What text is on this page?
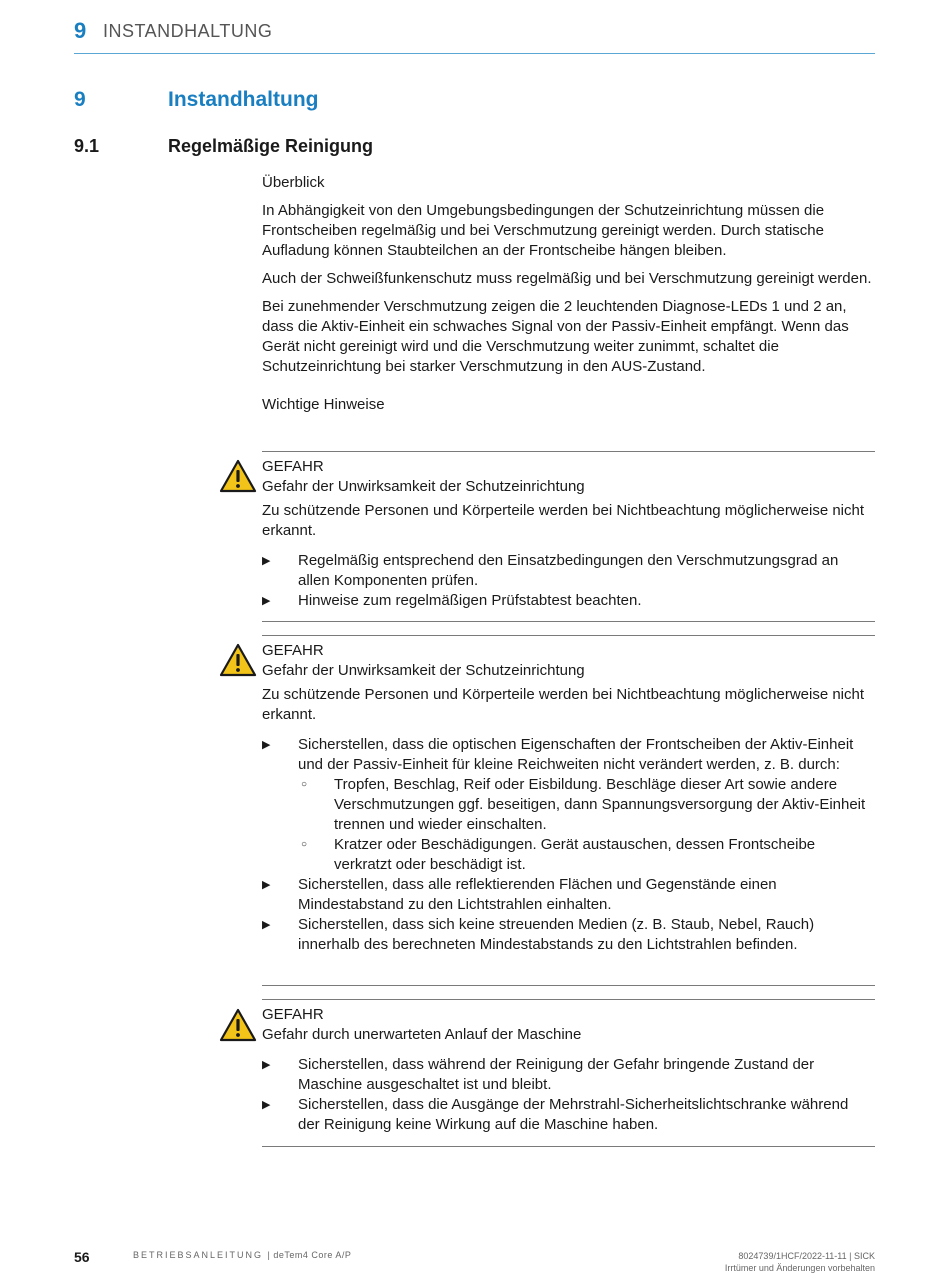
9 INSTANDHALTUNG
9	Instandhaltung
9.1	Regelmäßige Reinigung

Überblick

In Abhängigkeit von den Umgebungsbedingungen der Schutzeinrichtung müssen die Frontscheiben regelmäßig und bei Verschmutzung gereinigt werden. Durch statische Aufladung können Staubteilchen an der Frontscheibe hängen bleiben.

Auch der Schweißfunkenschutz muss regelmäßig und bei Verschmutzung gereinigt werden.

Bei zunehmender Verschmutzung zeigen die 2 leuchtenden Diagnose-LEDs 1 und 2 an, dass die Aktiv-Einheit ein schwaches Signal von der Passiv-Einheit empfängt. Wenn das Gerät nicht gereinigt wird und die Verschmutzung weiter zunimmt, schaltet die Schutzeinrichtung bei starker Verschmutzung in den AUS-Zustand.

Wichtige Hinweise

GEFAHR

Gefahr der Unwirksamkeit der Schutzeinrichtung

Zu schützende Personen und Körperteile werden bei Nichtbeachtung möglicherweise nicht erkannt.

▶ Regelmäßig entsprechend den Einsatzbedingungen den Verschmutzungsgrad an allen Komponenten prüfen.
▶ Hinweise zum regelmäßigen Prüfstabtest beachten.

GEFAHR

Gefahr der Unwirksamkeit der Schutzeinrichtung

Zu schützende Personen und Körperteile werden bei Nichtbeachtung möglicherweise nicht erkannt.

▶ Sicherstellen, dass die optischen Eigenschaften der Frontscheiben der Aktiv-Einheit und der Passiv-Einheit für kleine Reichweiten nicht verändert werden, z. B. durch:
○ Tropfen, Beschlag, Reif oder Eisbildung. Beschläge dieser Art sowie andere Verschmutzungen ggf. beseitigen, dann Spannungsversorgung der Aktiv-Einheit trennen und wieder einschalten.
○ Kratzer oder Beschädigungen. Gerät austauschen, dessen Frontscheibe verkratzt oder beschädigt ist.
▶ Sicherstellen, dass alle reflektierenden Flächen und Gegenstände einen Mindestabstand zu den Lichtstrahlen einhalten.
▶ Sicherstellen, dass sich keine streuenden Medien (z. B. Staub, Nebel, Rauch) innerhalb des berechneten Mindestabstands zu den Lichtstrahlen befinden.

GEFAHR

Gefahr durch unerwarteten Anlauf der Maschine

▶ Sicherstellen, dass während der Reinigung der Gefahr bringende Zustand der Maschine ausgeschaltet ist und bleibt.
▶ Sicherstellen, dass die Ausgänge der Mehrstrahl-Sicherheitslichtschranke während der Reinigung keine Wirkung auf die Maschine haben.
56	BETRIEBSANLEITUNG | deTem4 Core A/P	8024739/1HCF/2022-11-11 | SICK
Irrtümer und Änderungen vorbehalten
